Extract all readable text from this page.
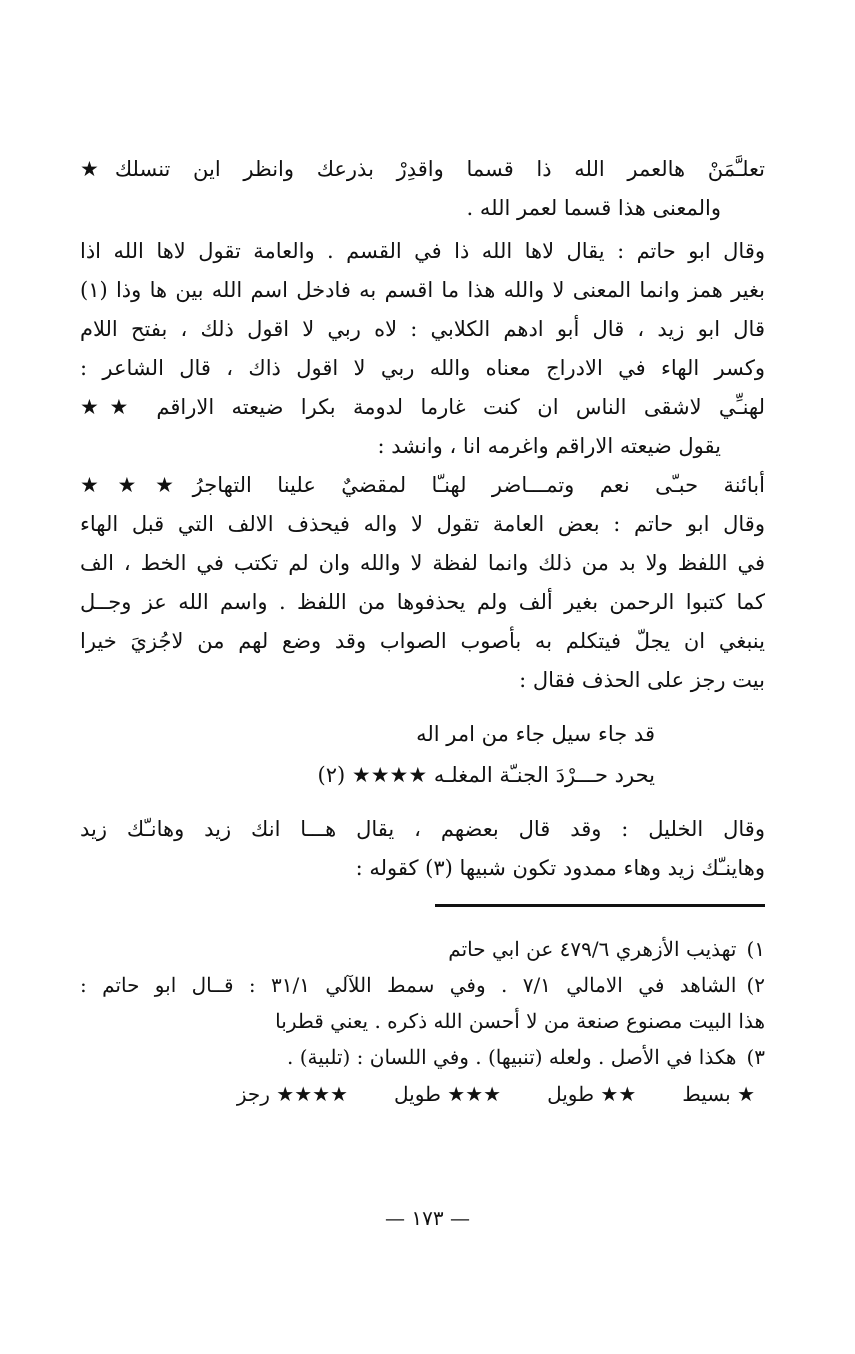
تعلـَّمَنْ هالعمر الله ذا قسما واقدِرْ بذرعك وانظر اين تنسلك★
والمعنى هذا قسما لعمر الله .
وقال ابو حاتم : يقال لاها الله ذا في القسم . والعامة تقول لاها الله اذا
بغير همز وانما المعنى لا والله هذا ما اقسم به فادخل اسم الله بين ها وذا (١)
قال ابو زيد ، قال أبو ادهم الكلابي : لاه ربي لا اقول ذلك ، بفتح اللام
وكسر الهاء في الادراج معناه والله ربي لا اقول ذاك ، قال الشاعر :
لهنـِّي لاشقى الناس ان كنت غارما لدومة بكرا ضيعته الاراقم ★★
يقول ضيعته الاراقم واغرمه انا ، وانشد :
أبائنة حبـّى نعم وتمـــاضر لهنـّا لمقضيٌ علينا التهاجرُ★★★
وقال ابو حاتم : بعض العامة تقول لا واله فيحذف الالف التي قبل الهاء
في اللفظ ولا بد من ذلك وانما لفظة لا والله وان لم تكتب في الخط ، الف
كما كتبوا الرحمن بغير ألف ولم يحذفوها من اللفظ . واسم الله عز وجــل
ينبغي ان يجلّ فيتكلم به بأصوب الصواب وقد وضع لهم من لاجُزيَ خيرا
بيت رجز على الحذف فقال :
قد جاء سيل جاء من امر اله
يحرد حـــرْدَ الجنـّة المغلـه ★★★★ (٢)
وقال الخليل : وقد قال بعضهم ، يقال هـــا انك زيد وهانـّك زيد
وهاينـّك زيد وهاء ممدود تكون شبيها (٣) كقوله :
١)تهذيب الأزهري ٤٧٩/٦ عن ابي حاتم
٢)الشاهد في الامالي ٧/١ . وفي سمط اللآلي ٣١/١ : قــال ابو حاتم :
هذا البيت مصنوع صنعة من لا أحسن الله ذكره . يعني قطربا
٣)هكذا في الأصل . ولعله (تنبيها) . وفي اللسان : (تلبية) .
★ بسيط★★ طويل★★★ طويل★★★★ رجز
— ١٧٣ —
